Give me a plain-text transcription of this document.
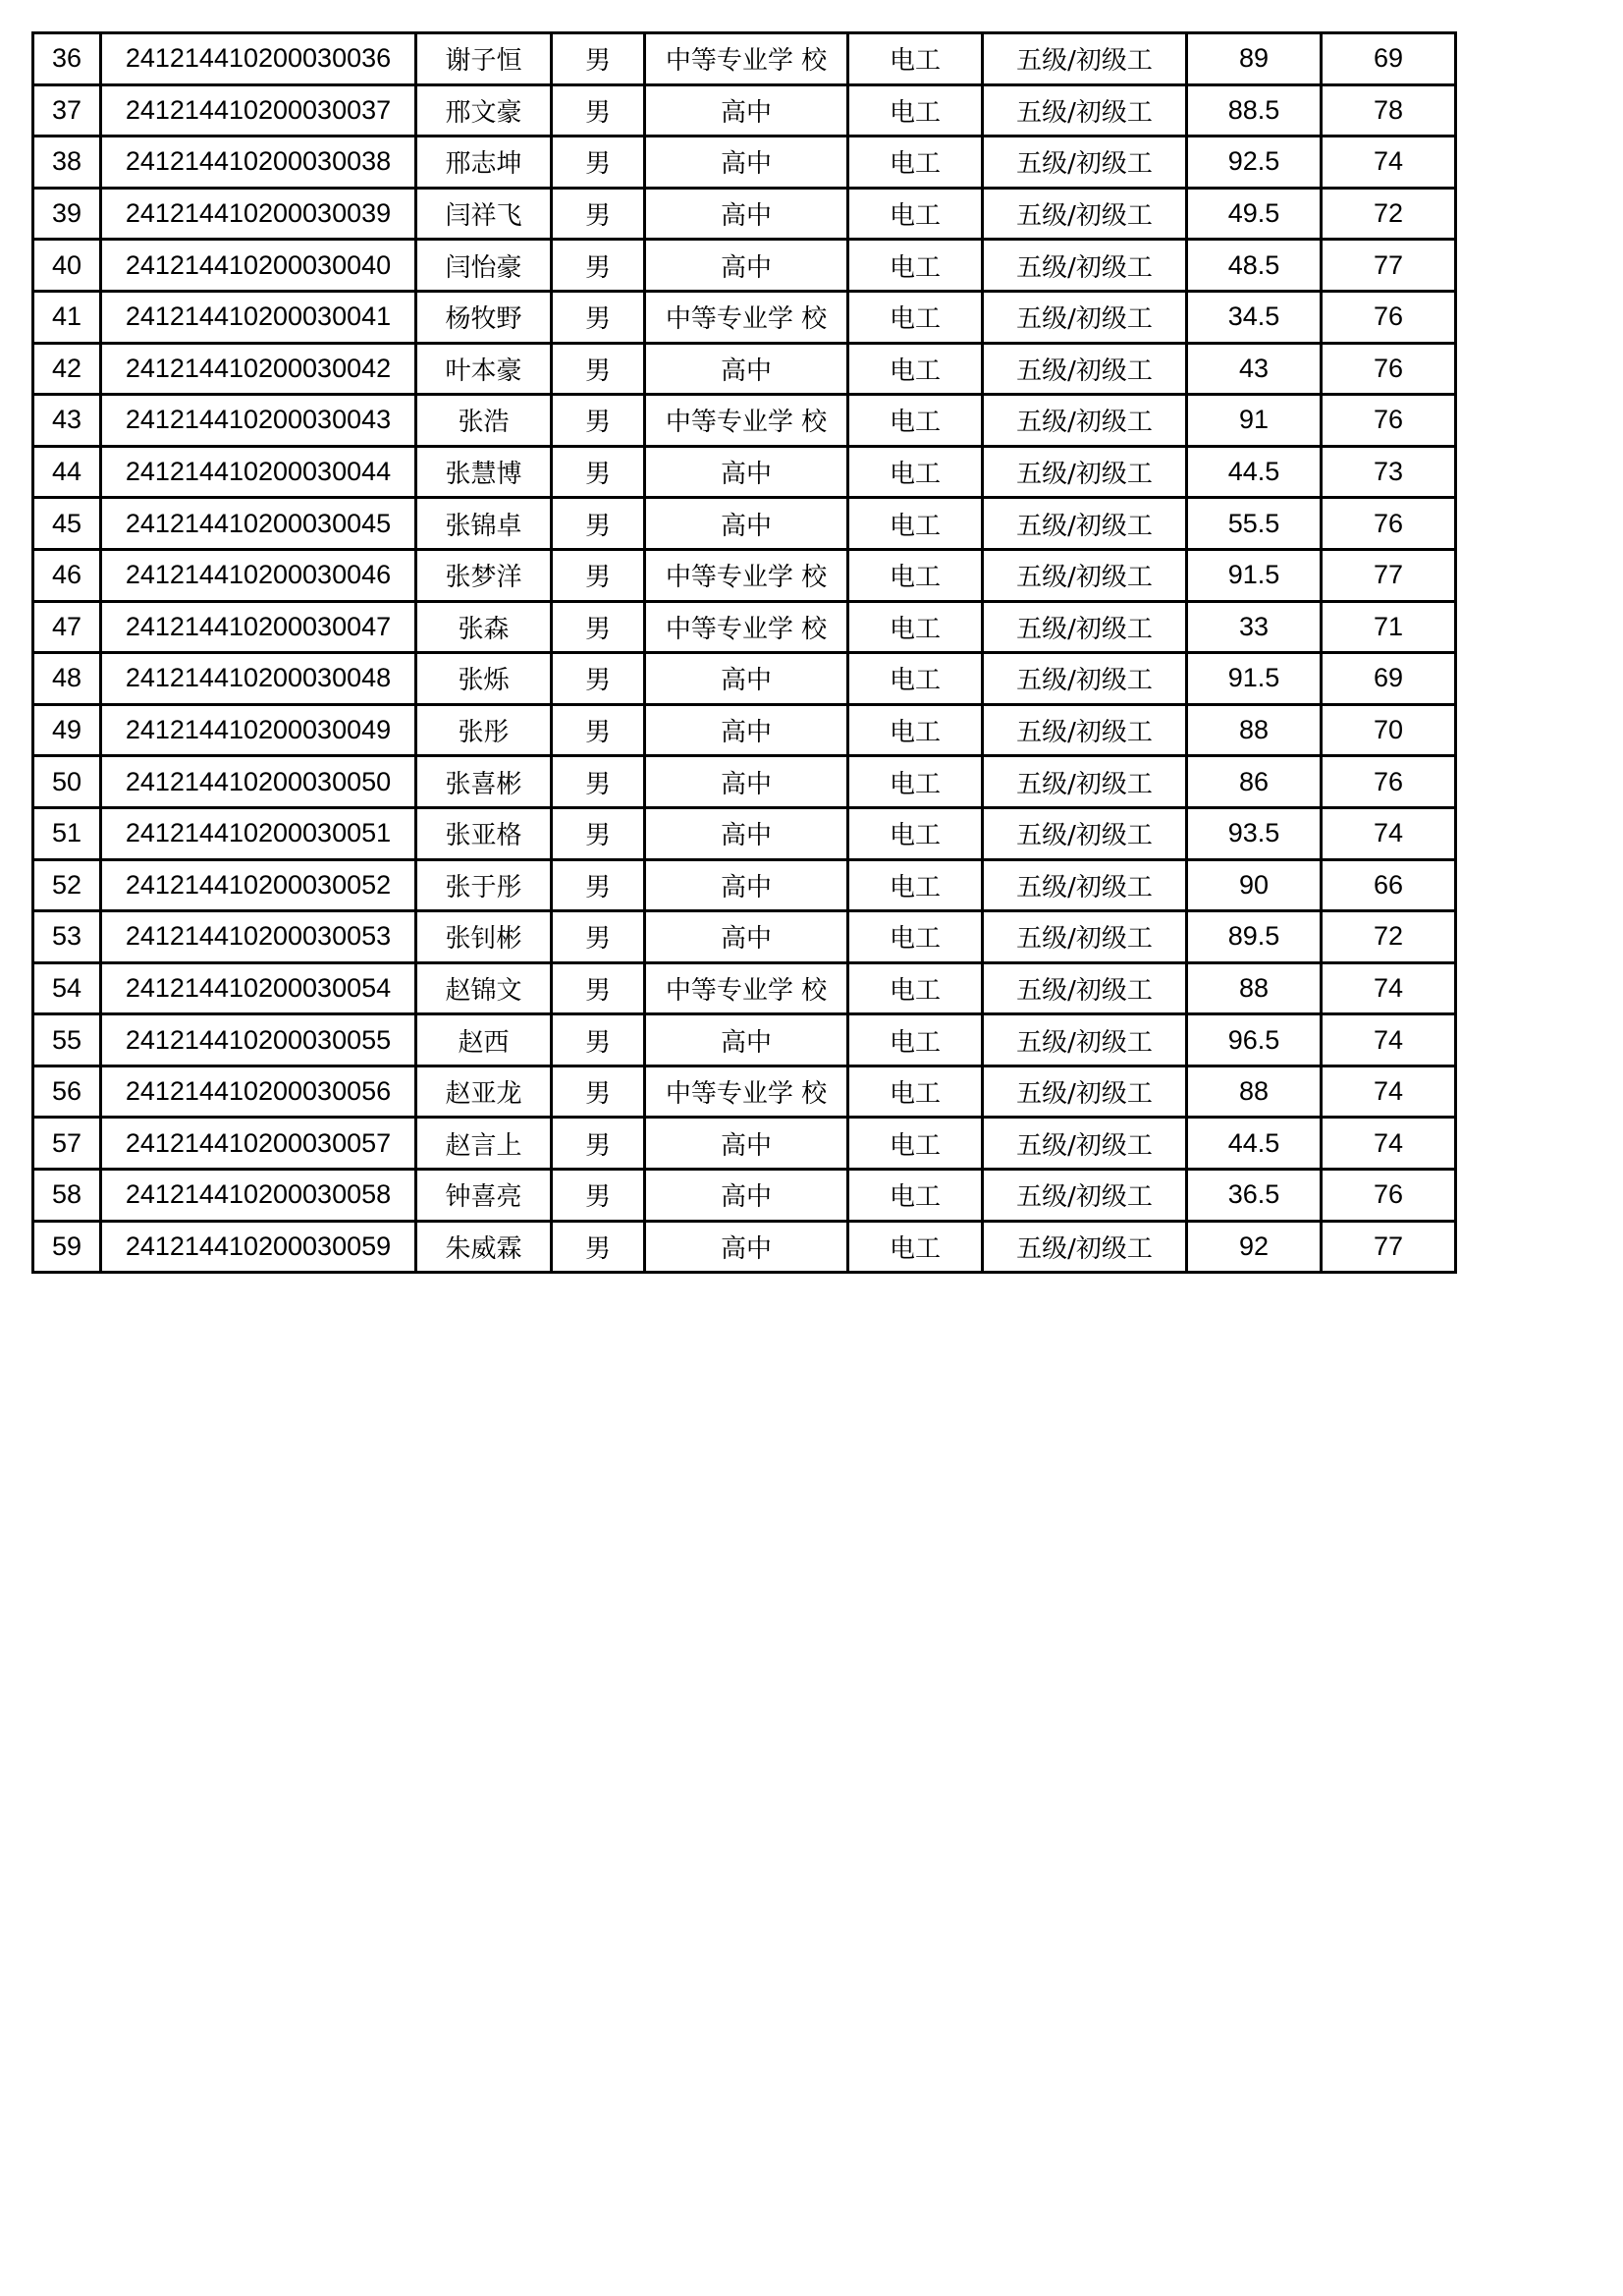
36	241214410200030036	谢子恒	男	中等专业学 校	电工	五级/初级工	89	69
37	241214410200030037	邢文豪	男	高中	电工	五级/初级工	88.5	78
38	241214410200030038	邢志坤	男	高中	电工	五级/初级工	92.5	74
39	241214410200030039	闫祥飞	男	高中	电工	五级/初级工	49.5	72
40	241214410200030040	闫怡豪	男	高中	电工	五级/初级工	48.5	77
41	241214410200030041	杨牧野	男	中等专业学 校	电工	五级/初级工	34.5	76
42	241214410200030042	叶本豪	男	高中	电工	五级/初级工	43	76
43	241214410200030043	张浩	男	中等专业学 校	电工	五级/初级工	91	76
44	241214410200030044	张慧博	男	高中	电工	五级/初级工	44.5	73
45	241214410200030045	张锦卓	男	高中	电工	五级/初级工	55.5	76
46	241214410200030046	张梦洋	男	中等专业学 校	电工	五级/初级工	91.5	77
47	241214410200030047	张森	男	中等专业学 校	电工	五级/初级工	33	71
48	241214410200030048	张烁	男	高中	电工	五级/初级工	91.5	69
49	241214410200030049	张彤	男	高中	电工	五级/初级工	88	70
50	241214410200030050	张喜彬	男	高中	电工	五级/初级工	86	76
51	241214410200030051	张亚格	男	高中	电工	五级/初级工	93.5	74
52	241214410200030052	张于彤	男	高中	电工	五级/初级工	90	66
53	241214410200030053	张钊彬	男	高中	电工	五级/初级工	89.5	72
54	241214410200030054	赵锦文	男	中等专业学 校	电工	五级/初级工	88	74
55	241214410200030055	赵西	男	高中	电工	五级/初级工	96.5	74
56	241214410200030056	赵亚龙	男	中等专业学 校	电工	五级/初级工	88	74
57	241214410200030057	赵言上	男	高中	电工	五级/初级工	44.5	74
58	241214410200030058	钟喜亮	男	高中	电工	五级/初级工	36.5	76
59	241214410200030059	朱威霖	男	高中	电工	五级/初级工	92	77
